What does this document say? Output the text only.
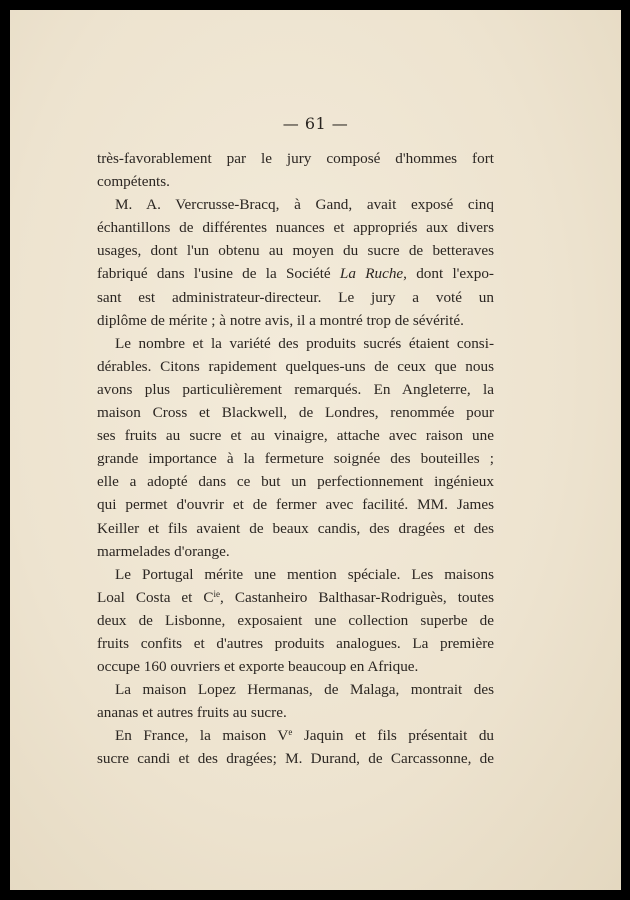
— 61 —
très-favorablement par le jury composé d'hommes fort
compétents.
M. A. Vercrusse-Bracq, à Gand, avait exposé cinq
échantillons de différentes nuances et appropriés aux divers
usages, dont l'un obtenu au moyen du sucre de betteraves
fabriqué dans l'usine de la Société La Ruche, dont l'expo-
sant est administrateur-directeur. Le jury a voté un
diplôme de mérite ; à notre avis, il a montré trop de sévérité.
Le nombre et la variété des produits sucrés étaient consi-
dérables. Citons rapidement quelques-uns de ceux que nous
avons plus particulièrement remarqués. En Angleterre, la
maison Cross et Blackwell, de Londres, renommée pour
ses fruits au sucre et au vinaigre, attache avec raison une
grande importance à la fermeture soignée des bouteilles ;
elle a adopté dans ce but un perfectionnement ingénieux
qui permet d'ouvrir et de fermer avec facilité. MM. James
Keiller et fils avaient de beaux candis, des dragées et des
marmelades d'orange.
Le Portugal mérite une mention spéciale. Les maisons
Loal Costa et $C^{ie}$, Castanheiro Balthasar-Rodriguès, toutes
deux de Lisbonne, exposaient une collection superbe de
fruits confits et d'autres produits analogues. La première
occupe 160 ouvriers et exporte beaucoup en Afrique.
La maison Lopez Hermanas, de Malaga, montrait des
ananas et autres fruits au sucre.
En France, la maison Ve Jaquin et fils présentait du
sucre candi et des dragées; M. Durand, de Carcassonne, de
